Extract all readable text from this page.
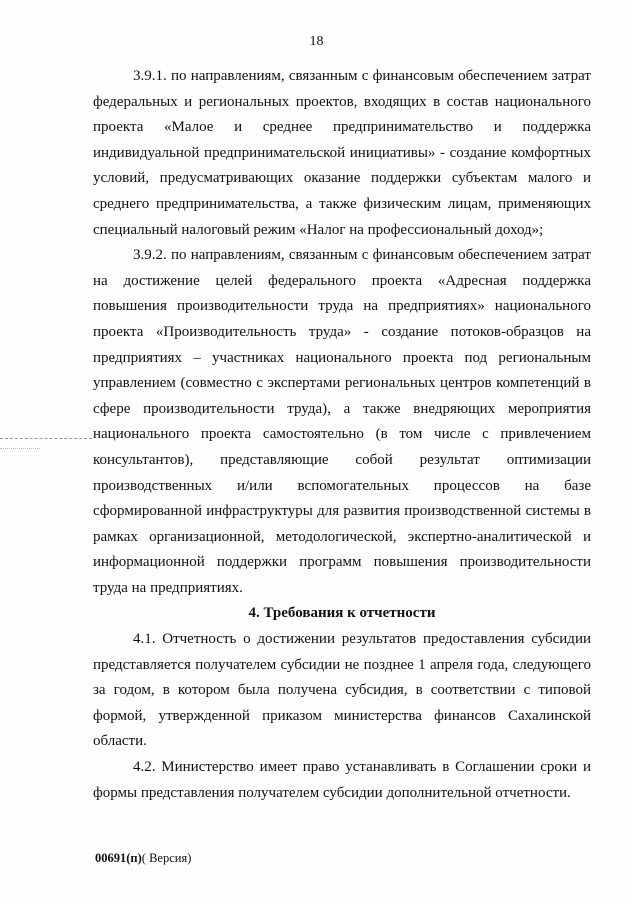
18

3.9.1. по направлениям, связанным с финансовым обеспечением затрат федеральных и региональных проектов, входящих в состав национального проекта «Малое и среднее предпринимательство и поддержка индивидуальной предпринимательской инициативы» - создание комфортных условий, предусматривающих оказание поддержки субъектам малого и среднего предпринимательства, а также физическим лицам, применяющих специальный налоговый режим «Налог на профессиональный доход»;

3.9.2. по направлениям, связанным с финансовым обеспечением затрат на достижение целей федерального проекта «Адресная поддержка повышения производительности труда на предприятиях» национального проекта «Производительность труда» - создание потоков-образцов на предприятиях – участниках национального проекта под региональным управлением (совместно с экспертами региональных центров компетенций в сфере производительности труда), а также внедряющих мероприятия национального проекта самостоятельно (в том числе с привлечением консультантов), представляющие собой результат оптимизации производственных и/или вспомогательных процессов на базе сформированной инфраструктуры для развития производственной системы в рамках организационной, методологической, экспертно-аналитической и информационной поддержки программ повышения производительности труда на предприятиях.

4. Требования к отчетности

4.1. Отчетность о достижении результатов предоставления субсидии представляется получателем субсидии не позднее 1 апреля года, следующего за годом, в котором была получена субсидия, в соответствии с типовой формой, утвержденной приказом министерства финансов Сахалинской области.

4.2. Министерство имеет право устанавливать в Соглашении сроки и формы представления получателем субсидии дополнительной отчетности.

00691(п)( Версия)
